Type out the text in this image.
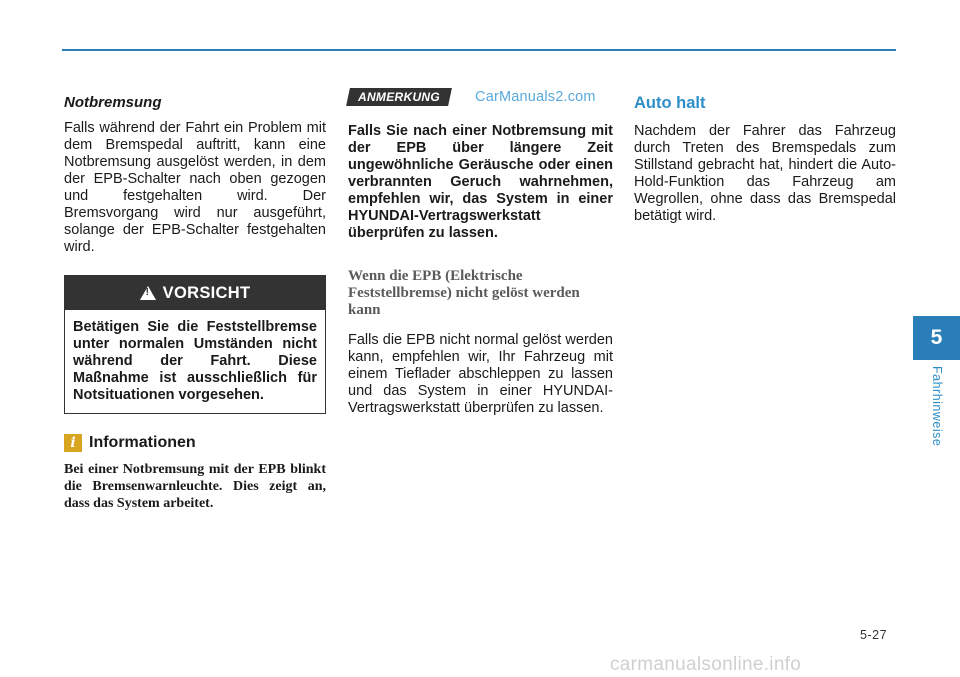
Notbremsung

Falls während der Fahrt ein Problem mit dem Bremspedal auftritt, kann eine Notbremsung ausgelöst werden, in dem der EPB-Schalter nach oben gezogen und festgehalten wird. Der Bremsvorgang wird nur ausgeführt, solange der EPB-Schalter festgehalten wird.

!
VORSICHT
Betätigen Sie die Feststellbremse unter normalen Umständen nicht während der Fahrt. Diese Maßnahme ist ausschließlich für Notsituationen vorgesehen.
i Informationen
Bei einer Notbremsung mit der EPB blinkt die Bremsenwarnleuchte. Dies zeigt an, dass das System arbeitet.
ANMERKUNG	CarManuals2.com
Falls Sie nach einer Notbremsung mit der EPB über längere Zeit ungewöhnliche Geräusche oder einen verbrannten Geruch wahrnehmen, empfehlen wir, das System in einer HYUNDAI-Vertragswerkstatt überprüfen zu lassen.
Wenn die EPB (Elektrische Feststellbremse) nicht gelöst werden kann

Falls die EPB nicht normal gelöst werden kann, empfehlen wir, Ihr Fahrzeug mit einem Tieflader abschleppen zu lassen und das System in einer HYUNDAI-Vertragswerkstatt überprüfen zu lassen.

Auto halt

Nachdem der Fahrer das Fahrzeug durch Treten des Bremspedals zum Stillstand gebracht hat, hindert die Auto-Hold-Funktion das Fahrzeug am Wegrollen, ohne dass das Bremspedal betätigt wird.

5
Fahrhinweise
5-27
carmanualsonline.info
